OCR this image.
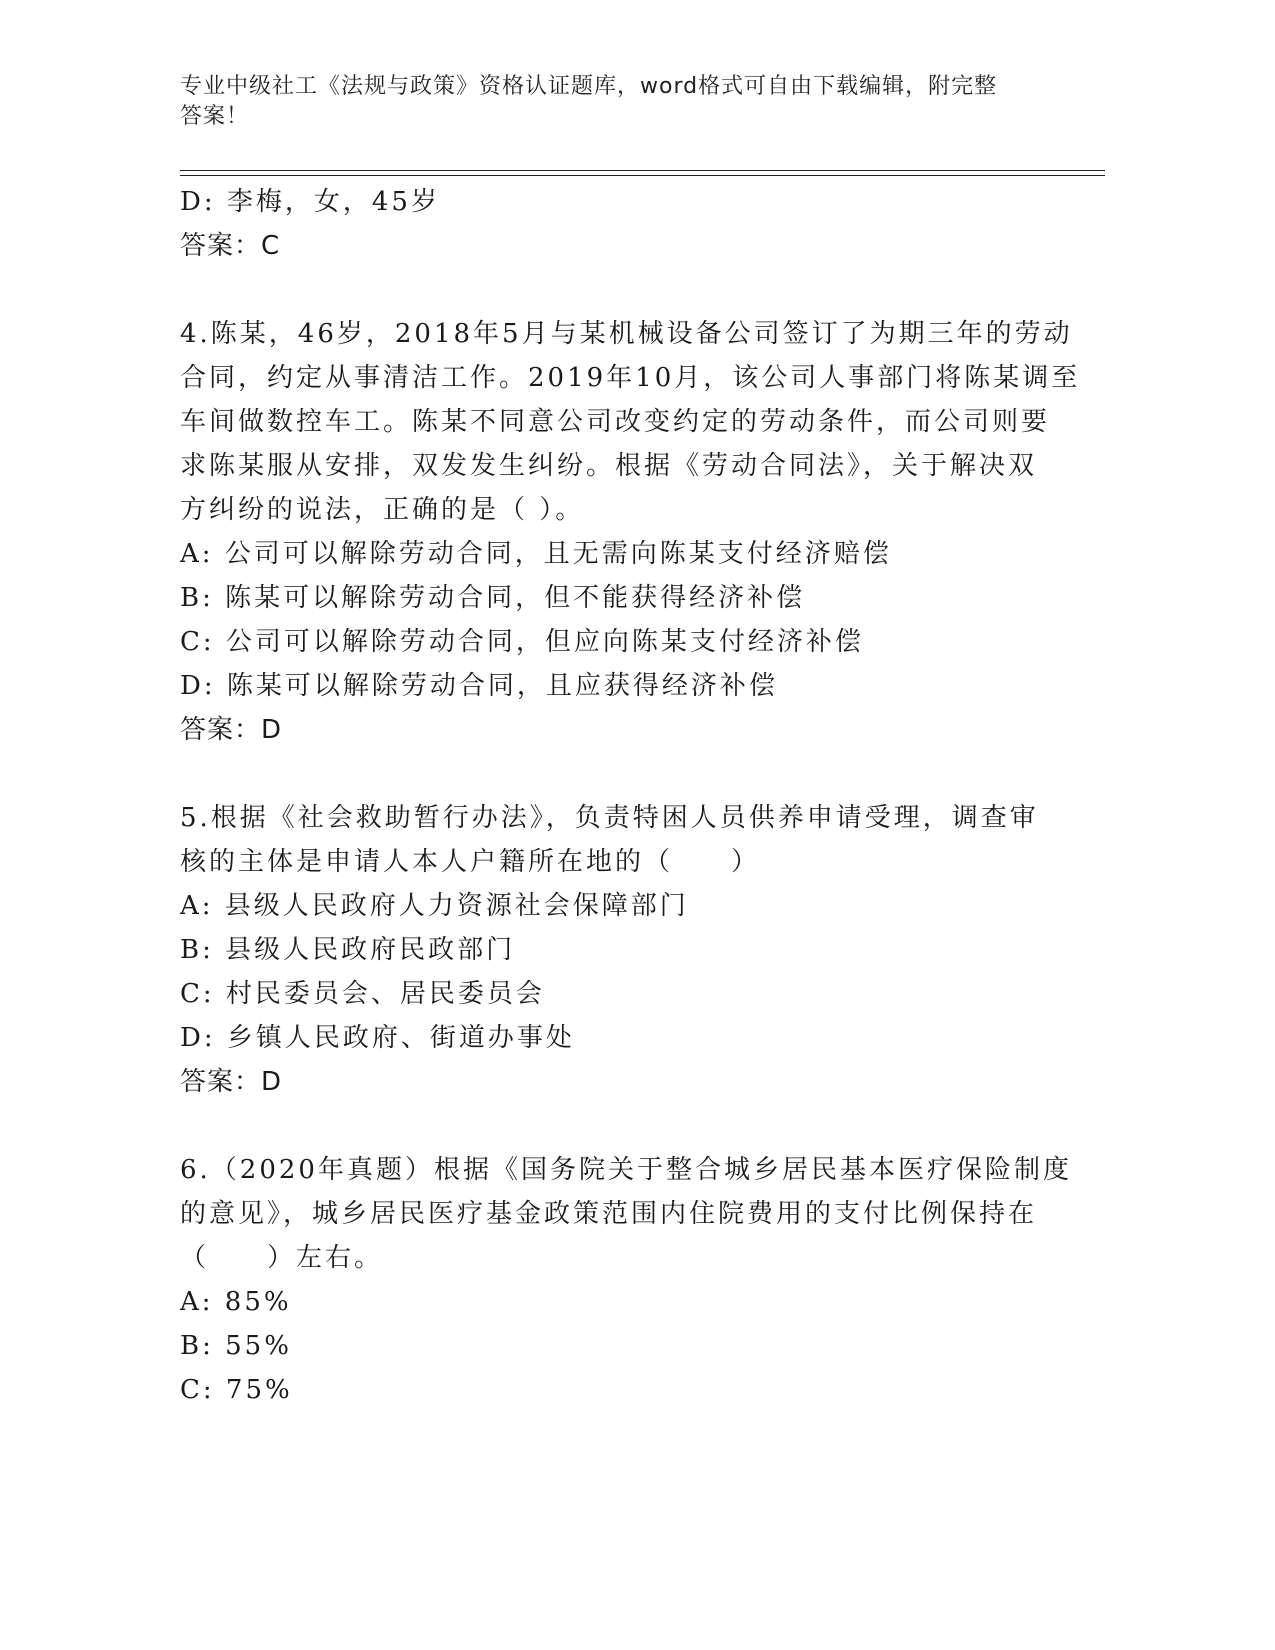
专业中级社工《法规与政策》资格认证题库，word格式可自由下载编辑，附完整
答案！
D: 李梅，女，45岁
答案：C
4.陈某，46岁，2018年5月与某机械设备公司签订了为期三年的劳动
合同，约定从事清洁工作。2019年10月，该公司人事部门将陈某调至
车间做数控车工。陈某不同意公司改变约定的劳动条件，而公司则要
求陈某服从安排，双发发生纠纷。根据《劳动合同法》，关于解决双
方纠纷的说法，正确的是（ ）。
A: 公司可以解除劳动合同，且无需向陈某支付经济赔偿
B: 陈某可以解除劳动合同，但不能获得经济补偿
C: 公司可以解除劳动合同，但应向陈某支付经济补偿
D: 陈某可以解除劳动合同，且应获得经济补偿
答案：D
5.根据《社会救助暂行办法》，负责特困人员供养申请受理，调查审
核的主体是申请人本人户籍所在地的（　　）
A: 县级人民政府人力资源社会保障部门
B: 县级人民政府民政部门
C: 村民委员会、居民委员会
D: 乡镇人民政府、街道办事处
答案：D
6.（2020年真题）根据《国务院关于整合城乡居民基本医疗保险制度
的意见》，城乡居民医疗基金政策范围内住院费用的支付比例保持在
（　　）左右。
A: 85%
B: 55%
C: 75%
